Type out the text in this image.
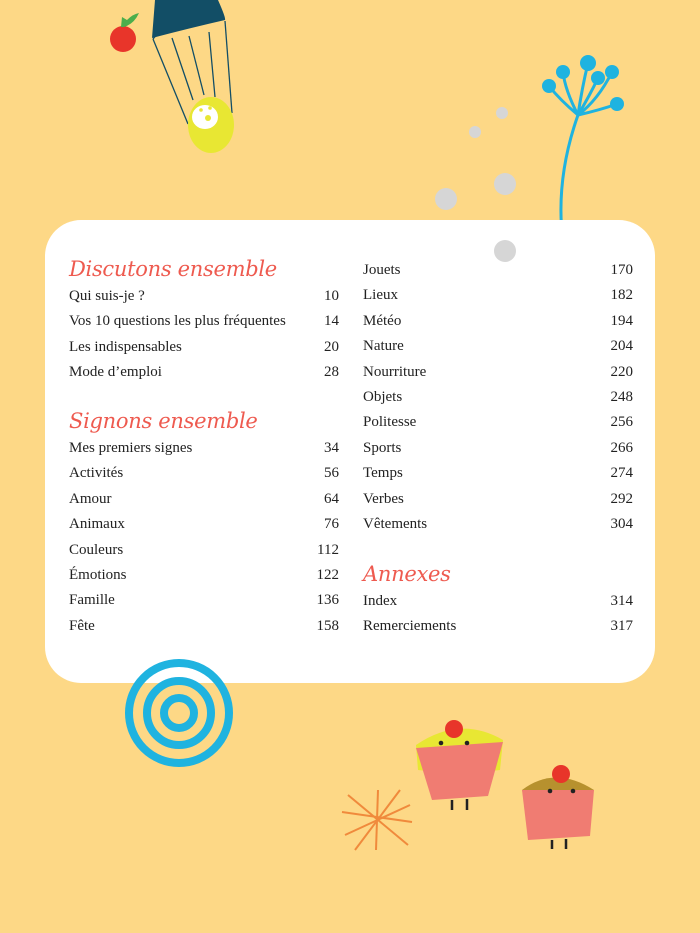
Discutons ensemble
Qui suis-je ?	10
Vos 10 questions les plus fréquentes	14
Les indispensables	20
Mode d’emploi	28
Signons ensemble
Mes premiers signes	34
Activités	56
Amour	64
Animaux	76
Couleurs	112
Émotions	122
Famille	136
Fête	158
Jouets	170
Lieux	182
Météo	194
Nature	204
Nourriture	220
Objets	248
Politesse	256
Sports	266
Temps	274
Verbes	292
Vêtements	304
Annexes
Index	314
Remerciements	317
